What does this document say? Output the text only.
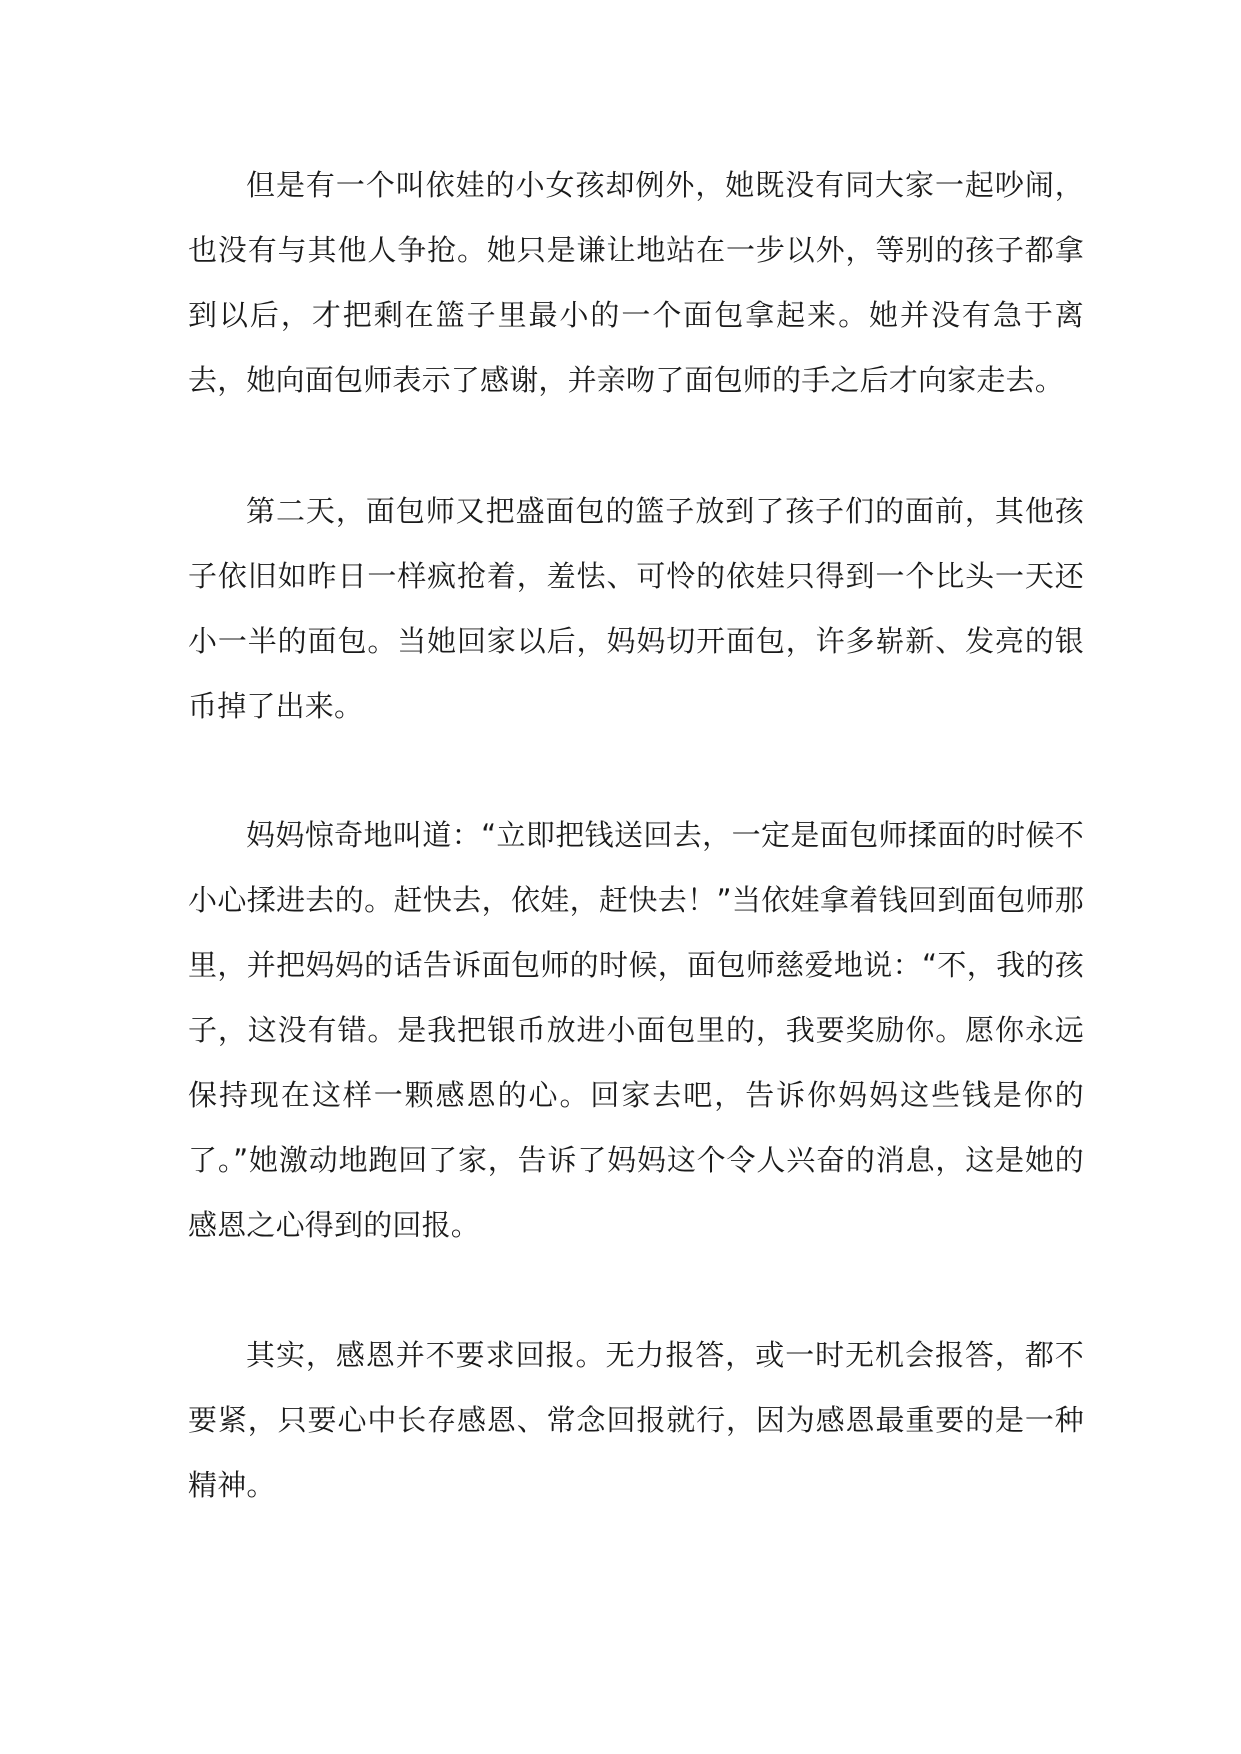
但是有一个叫依娃的小女孩却例外，她既没有同大家一起吵闹，也没有与其他人争抢。她只是谦让地站在一步以外，等别的孩子都拿到以后，才把剩在篮子里最小的一个面包拿起来。她并没有急于离去，她向面包师表示了感谢，并亲吻了面包师的手之后才向家走去。

第二天，面包师又把盛面包的篮子放到了孩子们的面前，其他孩子依旧如昨日一样疯抢着，羞怯、可怜的依娃只得到一个比头一天还小一半的面包。当她回家以后，妈妈切开面包，许多崭新、发亮的银币掉了出来。

妈妈惊奇地叫道：“立即把钱送回去，一定是面包师揉面的时候不小心揉进去的。赶快去，依娃，赶快去！”当依娃拿着钱回到面包师那里，并把妈妈的话告诉面包师的时候，面包师慈爱地说：“不，我的孩子，这没有错。是我把银币放进小面包里的，我要奖励你。愿你永远保持现在这样一颗感恩的心。回家去吧，告诉你妈妈这些钱是你的了。”她激动地跑回了家，告诉了妈妈这个令人兴奋的消息，这是她的感恩之心得到的回报。

其实，感恩并不要求回报。无力报答，或一时无机会报答，都不要紧，只要心中长存感恩、常念回报就行，因为感恩最重要的是一种精神。
